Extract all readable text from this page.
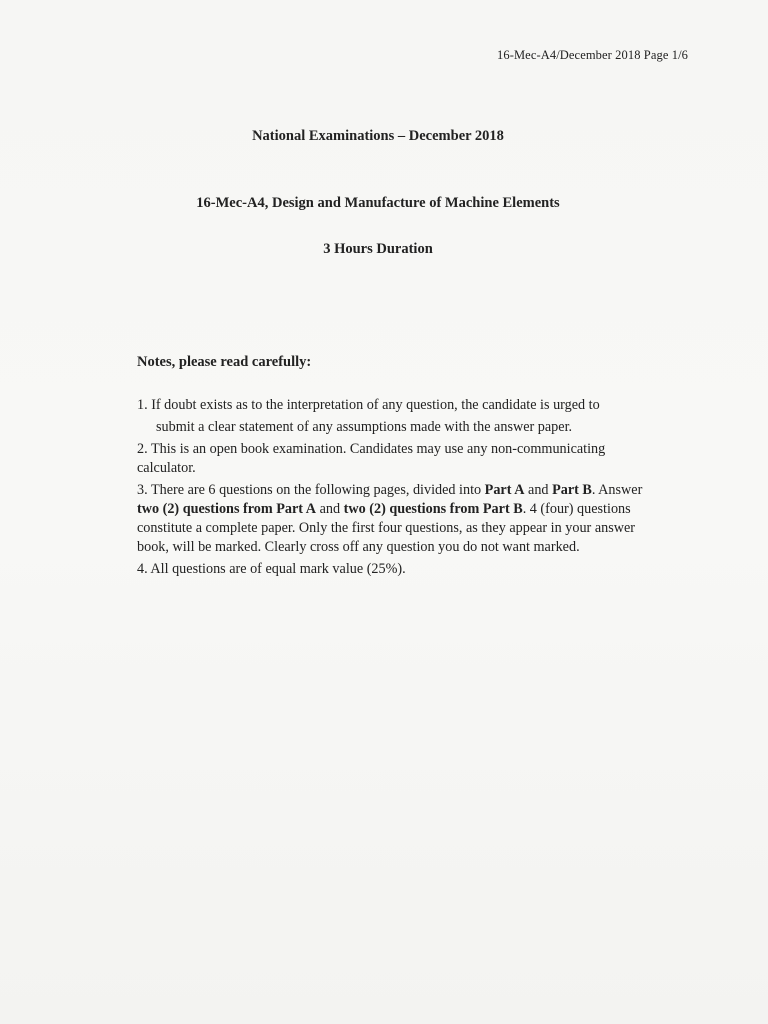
16-Mec-A4/December 2018 Page 1/6
National Examinations – December 2018
16-Mec-A4, Design and Manufacture of Machine Elements
3 Hours Duration
Notes, please read carefully:

1. If doubt exists as to the interpretation of any question, the candidate is urged to
submit a clear statement of any assumptions made with the answer paper.

2. This is an open book examination. Candidates may use any non-communicating calculator.

3. There are 6 questions on the following pages, divided into Part A and Part B. Answer two (2) questions from Part A and two (2) questions from Part B. 4 (four) questions constitute a complete paper. Only the first four questions, as they appear in your answer book, will be marked. Clearly cross off any question you do not want marked.

4. All questions are of equal mark value (25%).
